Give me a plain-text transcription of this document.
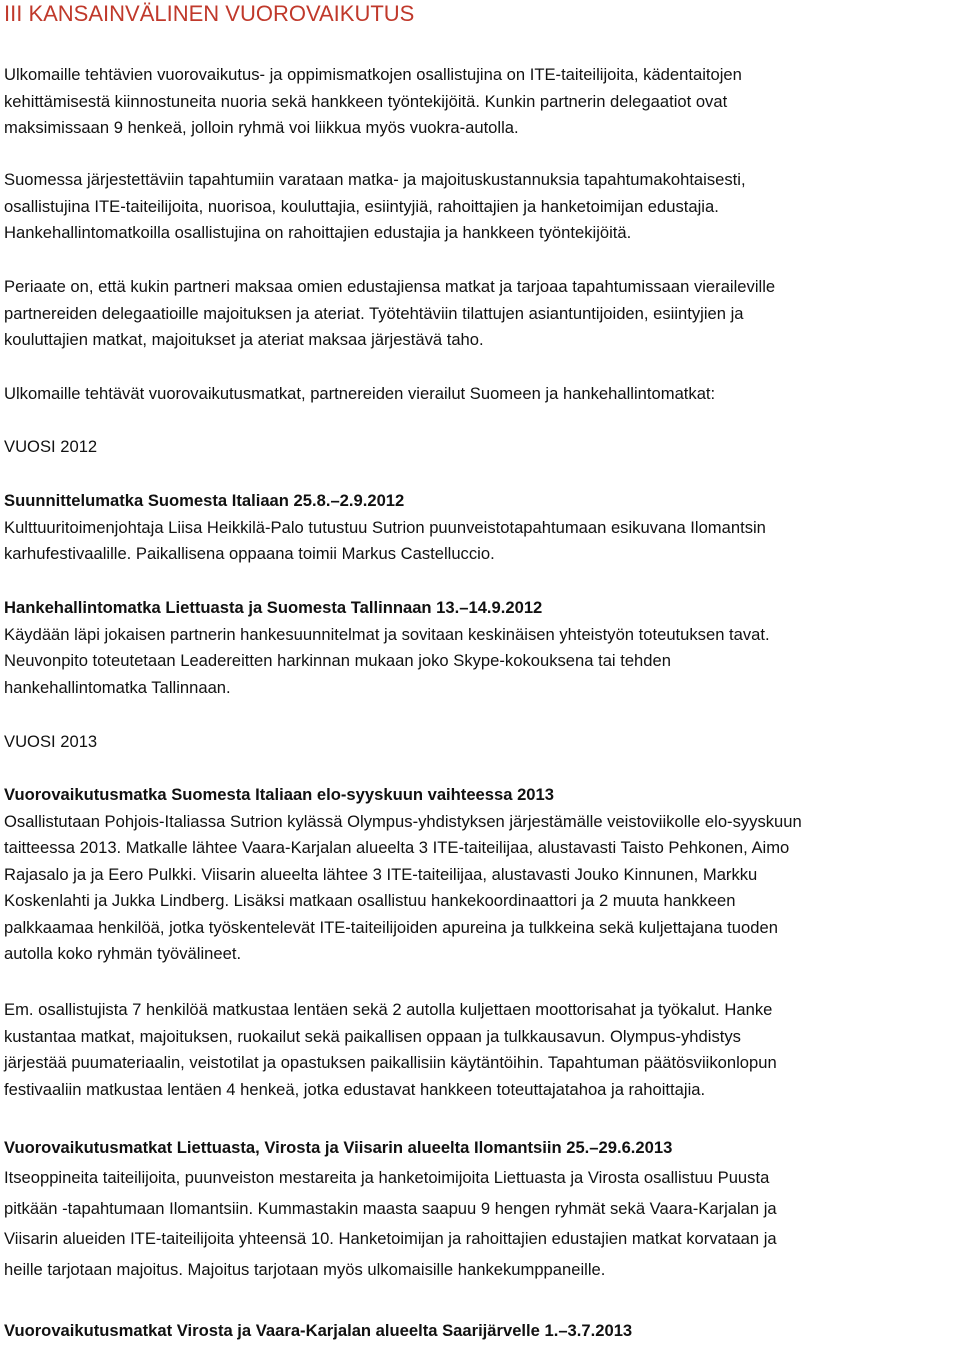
III KANSAINVÄLINEN VUOROVAIKUTUS
Ulkomaille tehtävien vuorovaikutus- ja oppimismatkojen osallistujina on ITE-taiteilijoita, kädentaitojen
kehittämisestä kiinnostuneita nuoria sekä hankkeen työntekijöitä. Kunkin partnerin delegaatiot ovat
maksimissaan 9 henkeä, jolloin ryhmä voi liikkua myös vuokra-autolla.
Suomessa järjestettäviin tapahtumiin varataan matka- ja majoituskustannuksia tapahtumakohtaisesti,
osallistujina ITE-taiteilijoita, nuorisoa, kouluttajia, esiintyjiä, rahoittajien ja hanketoimijan edustajia.
Hankehallintomatkoilla osallistujina on rahoittajien edustajia ja hankkeen työntekijöitä.
Periaate on, että kukin partneri maksaa omien edustajiensa matkat ja tarjoaa tapahtumissaan vieraileville
partnereiden delegaatioille majoituksen ja ateriat. Työtehtäviin tilattujen asiantuntijoiden, esiintyjien ja
kouluttajien matkat, majoitukset ja ateriat maksaa järjestävä taho.
Ulkomaille tehtävät vuorovaikutusmatkat, partnereiden vierailut Suomeen ja hankehallintomatkat:
VUOSI 2012
Suunnittelumatka Suomesta Italiaan 25.8.–2.9.2012
Kulttuuritoimenjohtaja Liisa Heikkilä-Palo tutustuu Sutrion puunveistotapahtumaan esikuvana Ilomantsin
karhufestivaalille. Paikallisena oppaana toimii Markus Castelluccio.
Hankehallintomatka Liettuasta ja Suomesta Tallinnaan 13.–14.9.2012
Käydään läpi jokaisen partnerin hankesuunnitelmat ja sovitaan keskinäisen yhteistyön toteutuksen tavat.
Neuvonpito toteutetaan Leadereitten harkinnan mukaan joko Skype-kokouksena tai tehden
hankehallintomatka Tallinnaan.
VUOSI 2013
Vuorovaikutusmatka Suomesta Italiaan elo-syyskuun vaihteessa 2013
Osallistutaan Pohjois-Italiassa Sutrion kylässä Olympus-yhdistyksen järjestämälle veistoviikolle elo-syyskuun
taitteessa 2013. Matkalle lähtee Vaara-Karjalan alueelta 3 ITE-taiteilijaa, alustavasti Taisto Pehkonen, Aimo
Rajasalo ja ja Eero Pulkki. Viisarin alueelta lähtee 3 ITE-taiteilijaa, alustavasti Jouko Kinnunen, Markku
Koskenlahti ja Jukka Lindberg. Lisäksi matkaan osallistuu hankekoordinaattori ja 2 muuta hankkeen
palkkaamaa henkilöä, jotka työskentelevät ITE-taiteilijoiden apureina ja tulkkeina sekä kuljettajana tuoden
autolla koko ryhmän työvälineet.
Em. osallistujista 7 henkilöä matkustaa lentäen sekä 2 autolla kuljettaen moottorisahat ja työkalut. Hanke
kustantaa matkat, majoituksen, ruokailut sekä paikallisen oppaan ja tulkkausavun. Olympus-yhdistys
järjestää puumateriaalin, veistotilat ja opastuksen paikallisiin käytäntöihin. Tapahtuman päätösviikonlopun
festivaaliin matkustaa lentäen 4 henkeä, jotka edustavat hankkeen toteuttajatahoa ja rahoittajia.
Vuorovaikutusmatkat Liettuasta, Virosta ja Viisarin alueelta Ilomantsiin 25.–29.6.2013
Itseoppineita taiteilijoita, puunveiston mestareita ja hanketoimijoita Liettuasta ja Virosta osallistuu Puusta
pitkään -tapahtumaan Ilomantsiin. Kummastakin maasta saapuu 9 hengen ryhmät sekä Vaara-Karjalan ja
Viisarin alueiden ITE-taiteilijoita yhteensä 10. Hanketoimijan ja rahoittajien edustajien matkat korvataan ja
heille tarjotaan majoitus. Majoitus tarjotaan myös ulkomaisille hankekumppaneille.
Vuorovaikutusmatkat Virosta ja Vaara-Karjalan alueelta Saarijärvelle 1.–3.7.2013
